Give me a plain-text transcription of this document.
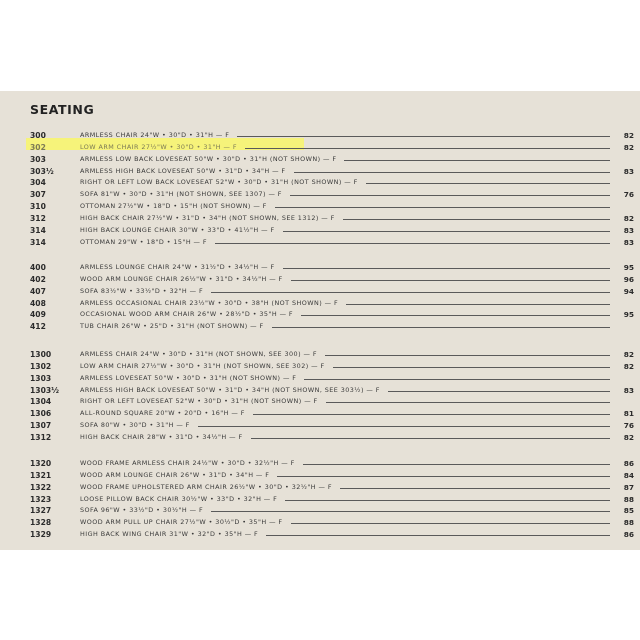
SEATING
300	ARMLESS CHAIR 24"W • 30"D • 31"H — F	82
302	LOW ARM CHAIR 27½"W • 30"D • 31"H — F	82
303	ARMLESS LOW BACK LOVESEAT 50"W • 30"D • 31"H (NOT SHOWN) — F
303½	ARMLESS HIGH BACK LOVESEAT 50"W • 31"D • 34"H — F	83
304	RIGHT OR LEFT LOW BACK LOVESEAT 52"W • 30"D • 31"H (NOT SHOWN) — F
307	SOFA 81"W • 30"D • 31"H (NOT SHOWN, SEE 1307) — F	76
310	OTTOMAN 27½"W • 18"D • 15"H (NOT SHOWN) — F
312	HIGH BACK CHAIR 27½"W • 31"D • 34"H (NOT SHOWN, SEE 1312) — F	82
314	HIGH BACK LOUNGE CHAIR 30"W • 33"D • 41½"H — F	83
314	OTTOMAN 29"W • 18"D • 15"H — F	83
400	ARMLESS LOUNGE CHAIR 24"W • 31½"D • 34½"H — F	95
402	WOOD ARM LOUNGE CHAIR 26½"W • 31"D • 34½"H — F	96
407	SOFA 83½"W • 33½"D • 32"H — F	94
408	ARMLESS OCCASIONAL CHAIR 23½"W • 30"D • 38"H (NOT SHOWN) — F
409	OCCASIONAL WOOD ARM CHAIR 26"W • 28½"D • 35"H — F	95
412	TUB CHAIR 26"W • 25"D • 31"H (NOT SHOWN) — F
1300	ARMLESS CHAIR 24"W • 30"D • 31"H (NOT SHOWN, SEE 300) — F	82
1302	LOW ARM CHAIR 27½"W • 30"D • 31"H (NOT SHOWN, SEE 302) — F	82
1303	ARMLESS LOVESEAT 50"W • 30"D • 31"H (NOT SHOWN) — F
1303½	ARMLESS HIGH BACK LOVESEAT 50"W • 31"D • 34"H (NOT SHOWN, SEE 303½) — F	83
1304	RIGHT OR LEFT LOVESEAT 52"W • 30"D • 31"H (NOT SHOWN) — F
1306	ALL-ROUND SQUARE 20"W • 20"D • 16"H — F	81
1307	SOFA 80"W • 30"D • 31"H — F	76
1312	HIGH BACK CHAIR 28"W • 31"D • 34½"H — F	82
1320	WOOD FRAME ARMLESS CHAIR 24½"W • 30"D • 32½"H — F	86
1321	WOOD ARM LOUNGE CHAIR 26"W • 31"D • 34"H — F	84
1322	WOOD FRAME UPHOLSTERED ARM CHAIR 26½"W • 30"D • 32½"H — F	87
1323	LOOSE PILLOW BACK CHAIR 30½"W • 33"D • 32"H — F	88
1327	SOFA 96"W • 33½"D • 30½"H — F	85
1328	WOOD ARM PULL UP CHAIR 27½"W • 30½"D • 35"H — F	88
1329	HIGH BACK WING CHAIR 31"W • 32"D • 35"H — F	86
